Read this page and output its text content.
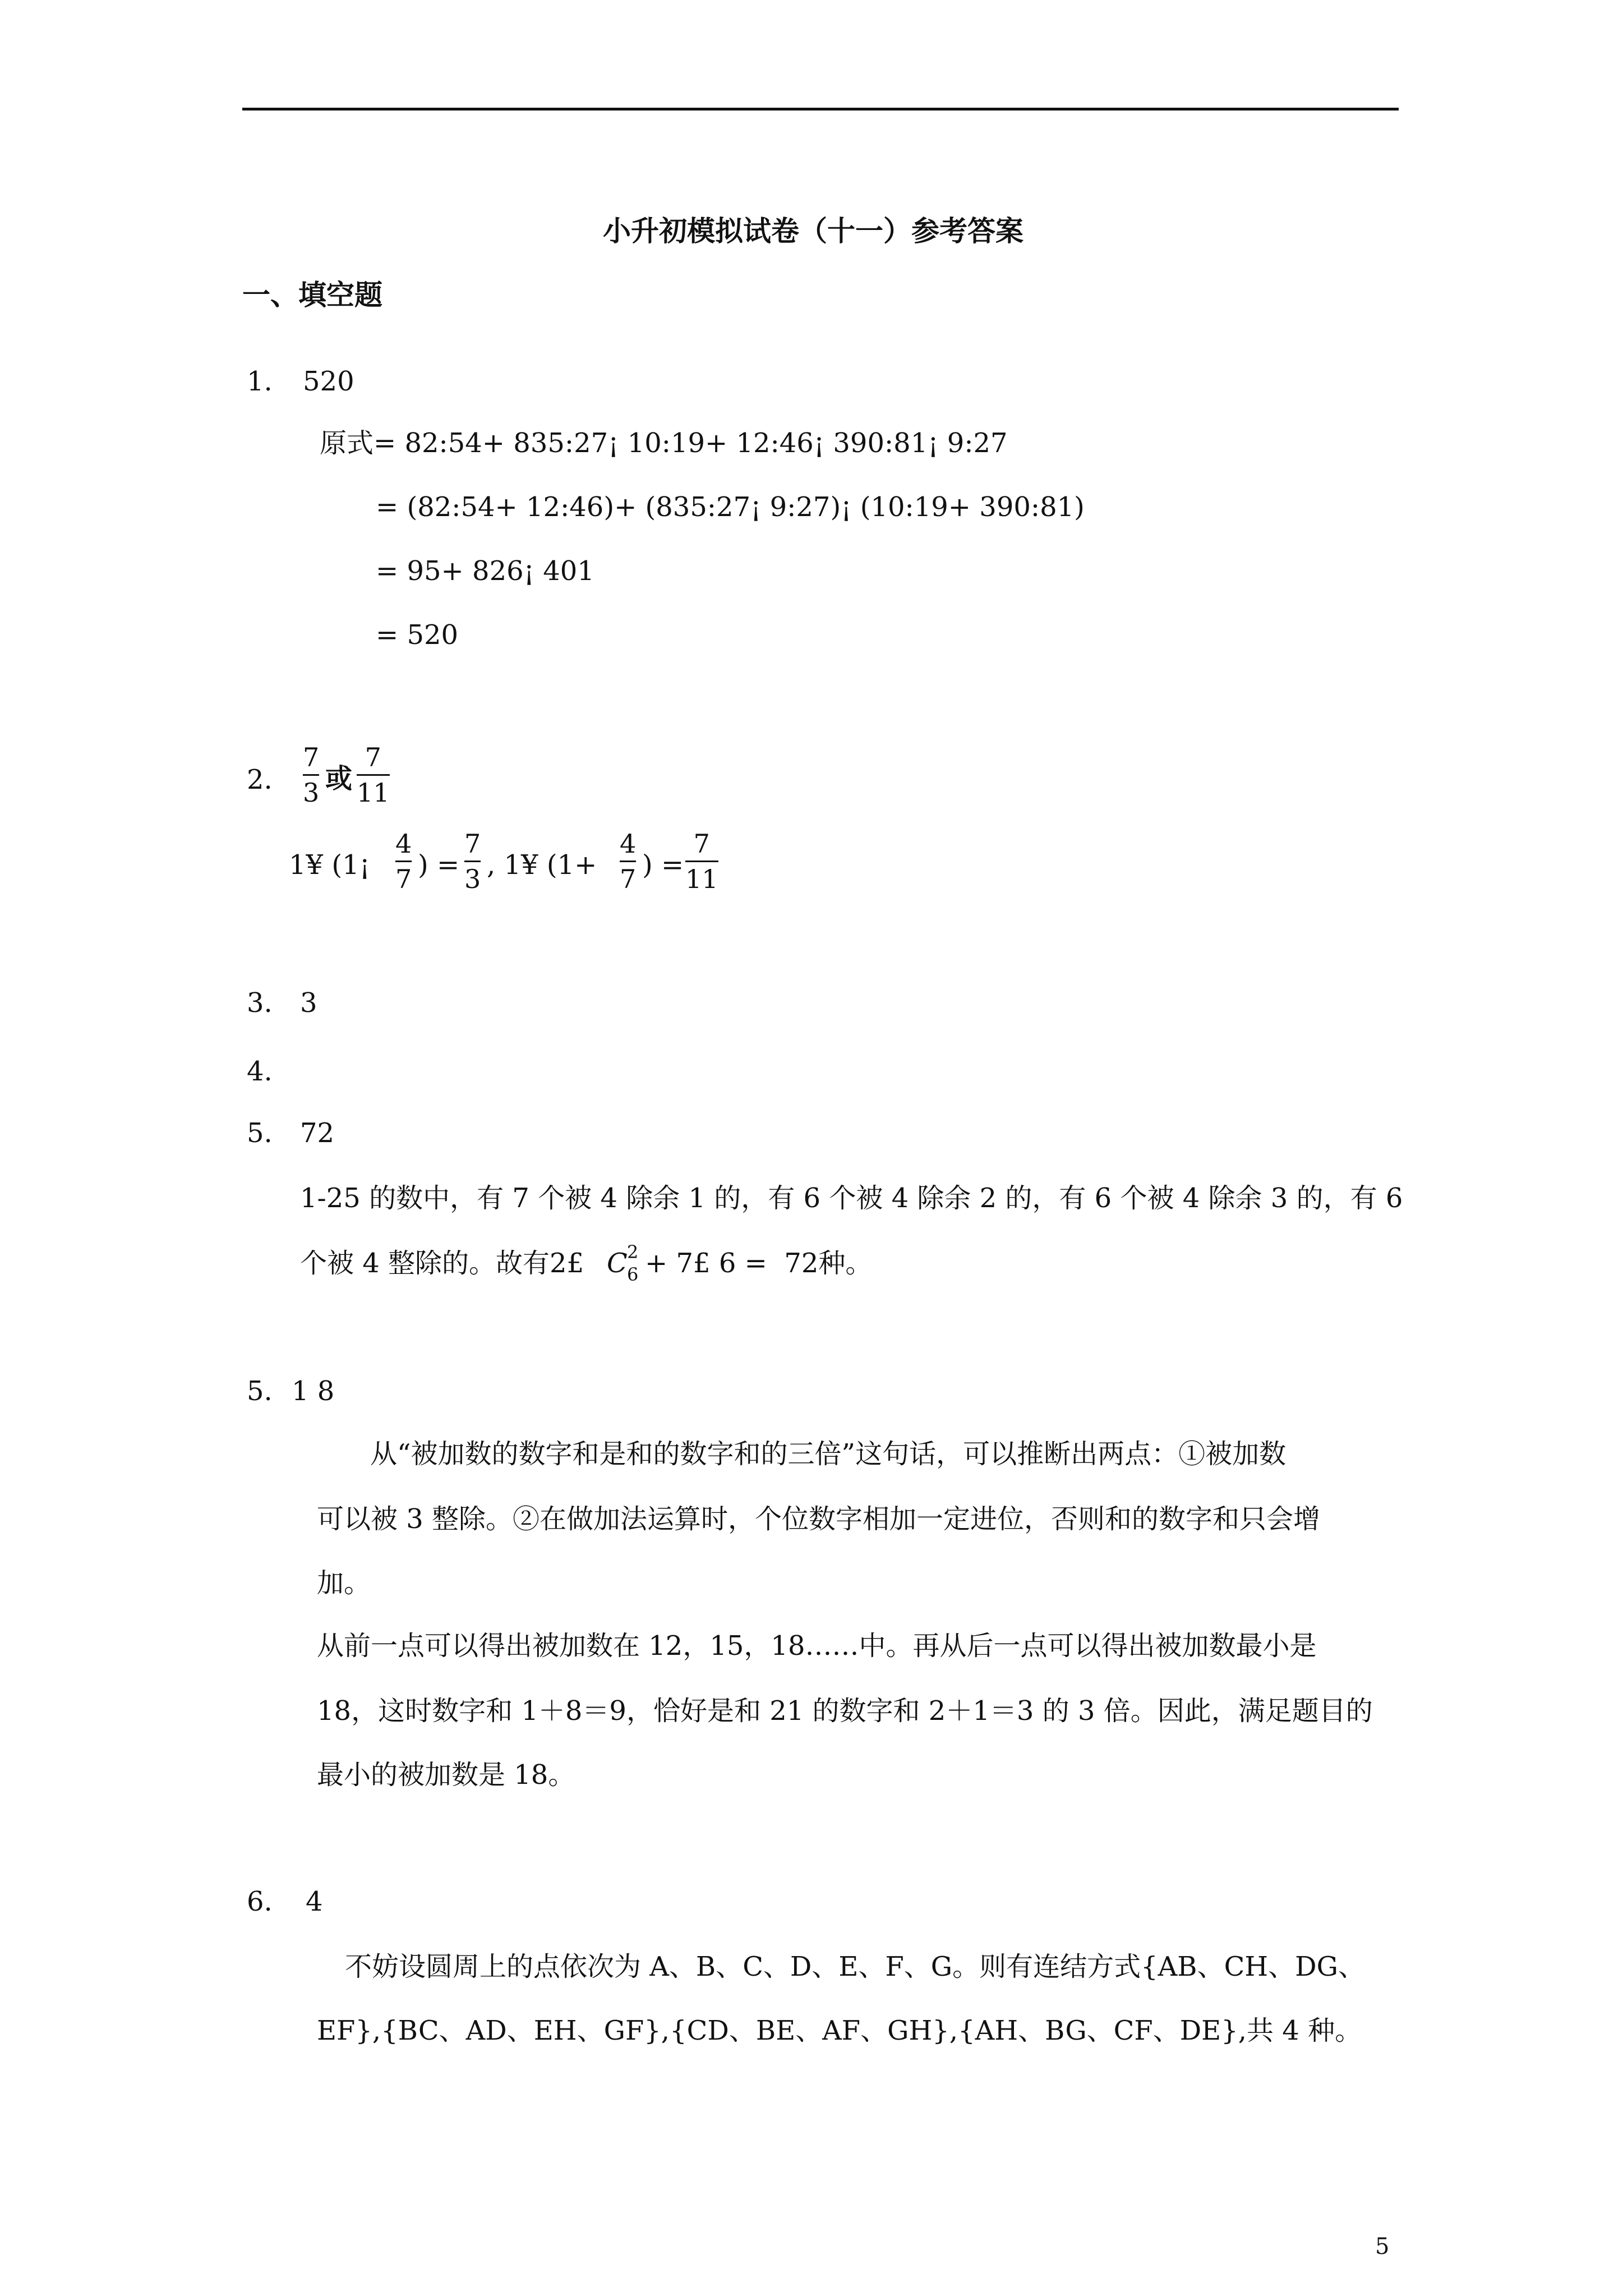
小升初模拟试卷（十一）参考答案
一、填空题
1. 520
原式= 82:54+ 835:27¡ 10:19+ 12:46¡ 390:81¡ 9:27
= (82:54+ 12:46)+ (835:27¡ 9:27)¡ (10:19+ 390:81)
= 95+ 826¡ 401
= 520
2.
7
3 或
7
11
1¥ (1¡
4
7 ) =
7
3 , 1¥ (1+
4
7 ) =
7
11
3. 3
4.
5. 72
1-25 的数中，有 7 个被 4 除余 1 的，有 6 个被 4 除余 2 的，有 6 个被 4 除余 3 的，有 6
个被 4 整除的。故有2£ C 2
6 + 7£ 6 =  72种。
5. 1 8
从“被加数的数字和是和的数字和的三倍”这句话，可以推断出两点：①被加数
可以被 3 整除。②在做加法运算时，个位数字相加一定进位，否则和的数字和只会增
加。
从前一点可以得出被加数在 12，15，18……中。再从后一点可以得出被加数最小是
18，这时数字和 1＋8＝9，恰好是和 21 的数字和 2＋1＝3 的 3 倍。因此，满足题目的
最小的被加数是 18。
6. 4
不妨设圆周上的点依次为 A、B、C、D、E、F、G。则有连结方式{AB、CH、DG、
EF},{BC、AD、EH、GF},{CD、BE、AF、GH},{AH、BG、CF、DE},共 4 种。
5
